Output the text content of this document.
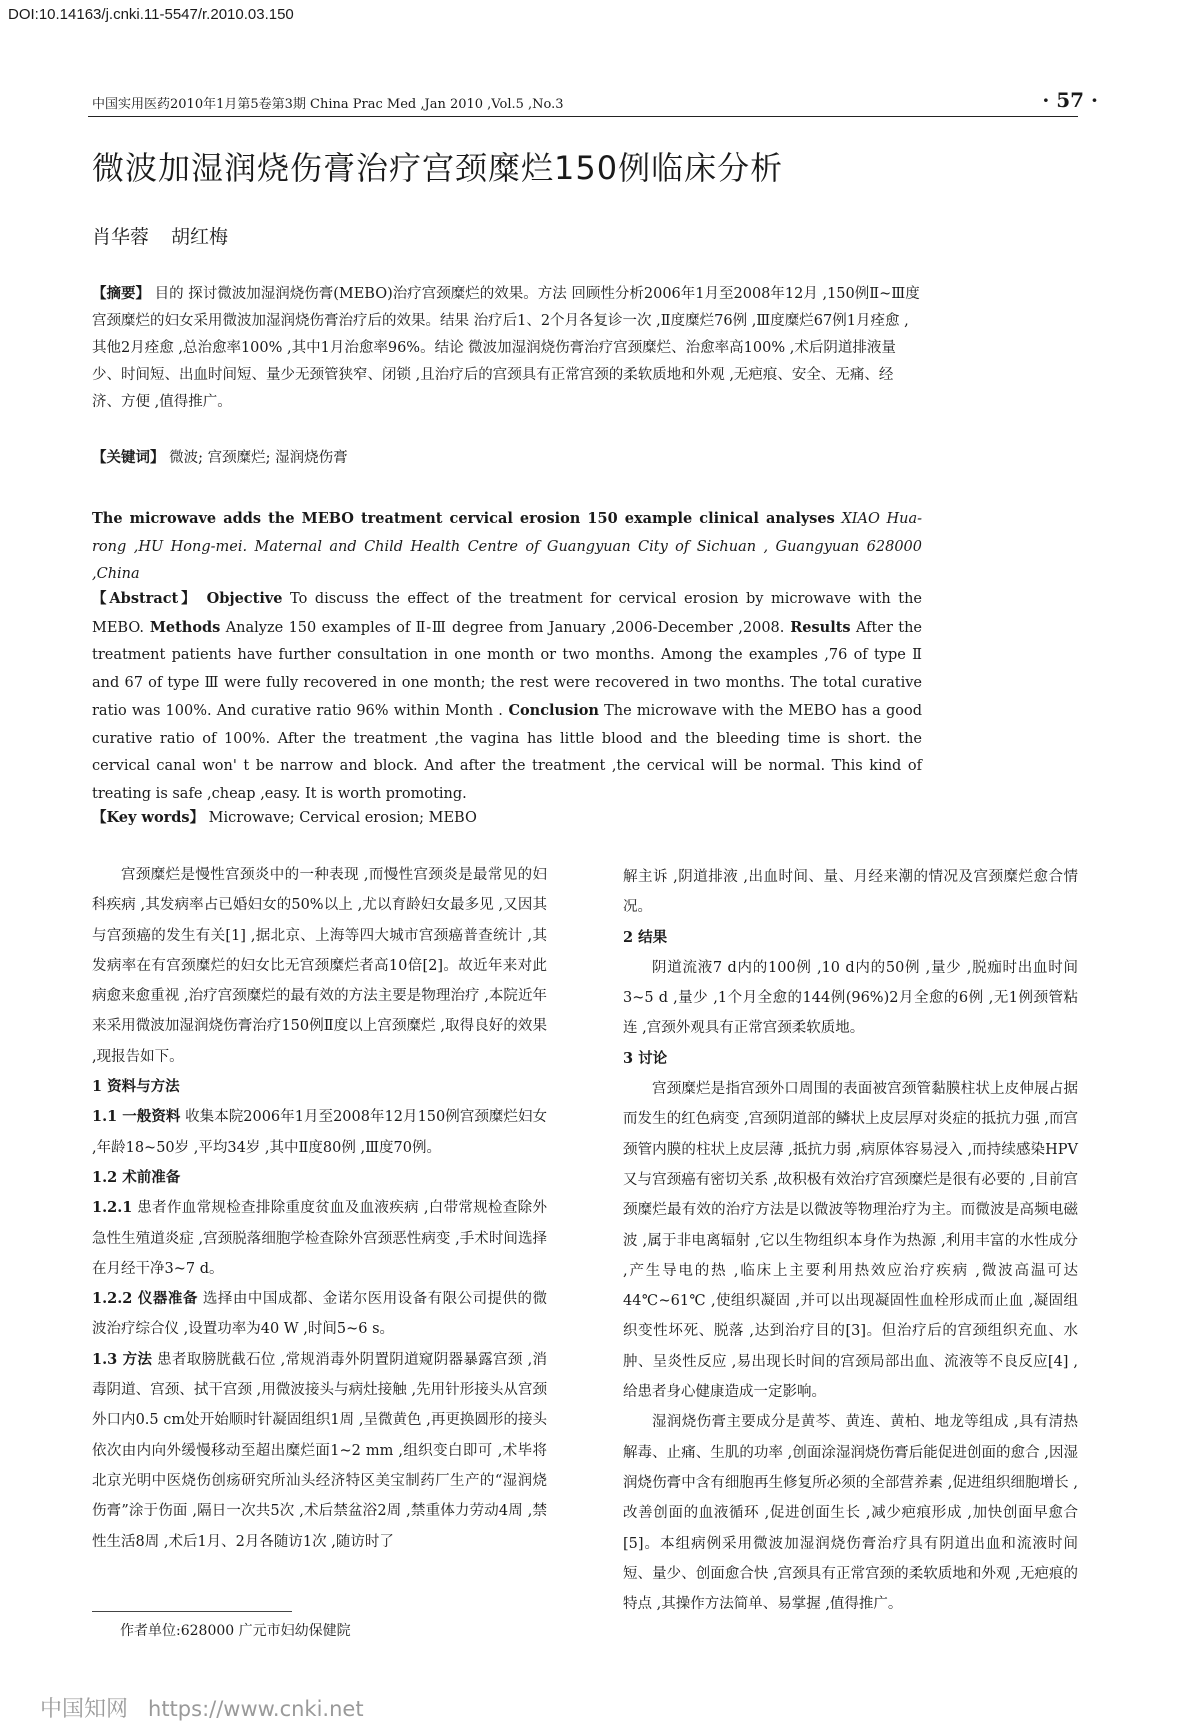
DOI:10.14163/j.cnki.11-5547/r.2010.03.150
中国实用医药2010年1月第5卷第3期 China Prac Med ,Jan 2010 ,Vol.5 ,No.3	· 57 ·
微波加湿润烧伤膏治疗宫颈糜烂150例临床分析
肖华蓉 胡红梅
【摘要】 目的 探讨微波加湿润烧伤膏(MEBO)治疗宫颈糜烂的效果。方法 回顾性分析2006年1月至2008年12月 ,150例Ⅱ~Ⅲ度宫颈糜烂的妇女采用微波加湿润烧伤膏治疗后的效果。结果 治疗后1、2个月各复诊一次 ,Ⅱ度糜烂76例 ,Ⅲ度糜烂67例1月痊愈 ,其他2月痊愈 ,总治愈率100% ,其中1月治愈率96%。结论 微波加湿润烧伤膏治疗宫颈糜烂、治愈率高100% ,术后阴道排液量少、时间短、出血时间短、量少无颈管狭窄、闭锁 ,且治疗后的宫颈具有正常宫颈的柔软质地和外观 ,无疤痕、安全、无痛、经济、方便 ,值得推广。
【关键词】 微波; 宫颈糜烂; 湿润烧伤膏
The microwave adds the MEBO treatment cervical erosion 150 example clinical analyses XIAO Hua-rong ,HU Hong-mei. Maternal and Child Health Centre of Guangyuan City of Sichuan , Guangyuan 628000 ,China
【Abstract】 Objective To discuss the effect of the treatment for cervical erosion by microwave with the MEBO. Methods Analyze 150 examples of Ⅱ-Ⅲ degree from January ,2006-December ,2008. Results After the treatment patients have further consultation in one month or two months. Among the examples ,76 of type Ⅱ and 67 of type Ⅲ were fully recovered in one month; the rest were recovered in two months. The total curative ratio was 100%. And curative ratio 96% within Month . Conclusion The microwave with the MEBO has a good curative ratio of 100%. After the treatment ,the vagina has little blood and the bleeding time is short. the cervical canal won' t be narrow and block. And after the treatment ,the cervical will be normal. This kind of treating is safe ,cheap ,easy. It is worth promoting.
【Key words】 Microwave; Cervical erosion; MEBO

宫颈糜烂是慢性宫颈炎中的一种表现 ,而慢性宫颈炎是最常见的妇科疾病 ,其发病率占已婚妇女的50%以上 ,尤以育龄妇女最多见 ,又因其与宫颈癌的发生有关[1] ,据北京、上海等四大城市宫颈癌普查统计 ,其发病率在有宫颈糜烂的妇女比无宫颈糜烂者高10倍[2]。故近年来对此病愈来愈重视 ,治疗宫颈糜烂的最有效的方法主要是物理治疗 ,本院近年来采用微波加湿润烧伤膏治疗150例Ⅱ度以上宫颈糜烂 ,取得良好的效果 ,现报告如下。

1 资料与方法

1.1 一般资料 收集本院2006年1月至2008年12月150例宫颈糜烂妇女 ,年龄18~50岁 ,平均34岁 ,其中Ⅱ度80例 ,Ⅲ度70例。

1.2 术前准备

1.2.1 患者作血常规检查排除重度贫血及血液疾病 ,白带常规检查除外急性生殖道炎症 ,宫颈脱落细胞学检查除外宫颈恶性病变 ,手术时间选择在月经干净3~7 d。

1.2.2 仪器准备 选择由中国成都、金诺尔医用设备有限公司提供的微波治疗综合仪 ,设置功率为40 W ,时间5~6 s。

1.3 方法 患者取膀胱截石位 ,常规消毒外阴置阴道窥阴器暴露宫颈 ,消毒阴道、宫颈、拭干宫颈 ,用微波接头与病灶接触 ,先用针形接头从宫颈外口内0.5 cm处开始顺时针凝固组织1周 ,呈微黄色 ,再更换圆形的接头依次由内向外缓慢移动至超出糜烂面1~2 mm ,组织变白即可 ,术毕将北京光明中医烧伤创疡研究所汕头经济特区美宝制药厂生产的“湿润烧伤膏”涂于伤面 ,隔日一次共5次 ,术后禁盆浴2周 ,禁重体力劳动4周 ,禁性生活8周 ,术后1月、2月各随访1次 ,随访时了

解主诉 ,阴道排液 ,出血时间、量、月经来潮的情况及宫颈糜烂愈合情况。

2 结果

阴道流液7 d内的100例 ,10 d内的50例 ,量少 ,脱痂时出血时间3~5 d ,量少 ,1个月全愈的144例(96%)2月全愈的6例 ,无1例颈管粘连 ,宫颈外观具有正常宫颈柔软质地。

3 讨论

宫颈糜烂是指宫颈外口周围的表面被宫颈管黏膜柱状上皮伸展占据而发生的红色病变 ,宫颈阴道部的鳞状上皮层厚对炎症的抵抗力强 ,而宫颈管内膜的柱状上皮层薄 ,抵抗力弱 ,病原体容易浸入 ,而持续感染HPV又与宫颈癌有密切关系 ,故积极有效治疗宫颈糜烂是很有必要的 ,目前宫颈糜烂最有效的治疗方法是以微波等物理治疗为主。而微波是高频电磁波 ,属于非电离辐射 ,它以生物组织本身作为热源 ,利用丰富的水性成分 ,产生导电的热 ,临床上主要利用热效应治疗疾病 ,微波高温可达44℃~61℃ ,使组织凝固 ,并可以出现凝固性血栓形成而止血 ,凝固组织变性坏死、脱落 ,达到治疗目的[3]。但治疗后的宫颈组织充血、水肿、呈炎性反应 ,易出现长时间的宫颈局部出血、流液等不良反应[4] ,给患者身心健康造成一定影响。

湿润烧伤膏主要成分是黄芩、黄连、黄柏、地龙等组成 ,具有清热解毒、止痛、生肌的功率 ,创面涂湿润烧伤膏后能促进创面的愈合 ,因湿润烧伤膏中含有细胞再生修复所必须的全部营养素 ,促进组织细胞增长 ,改善创面的血液循环 ,促进创面生长 ,减少疤痕形成 ,加快创面早愈合[5]。本组病例采用微波加湿润烧伤膏治疗具有阴道出血和流液时间短、量少、创面愈合快 ,宫颈具有正常宫颈的柔软质地和外观 ,无疤痕的特点 ,其操作方法简单、易掌握 ,值得推广。

作者单位:628000 广元市妇幼保健院
中国知网 https://www.cnki.net
